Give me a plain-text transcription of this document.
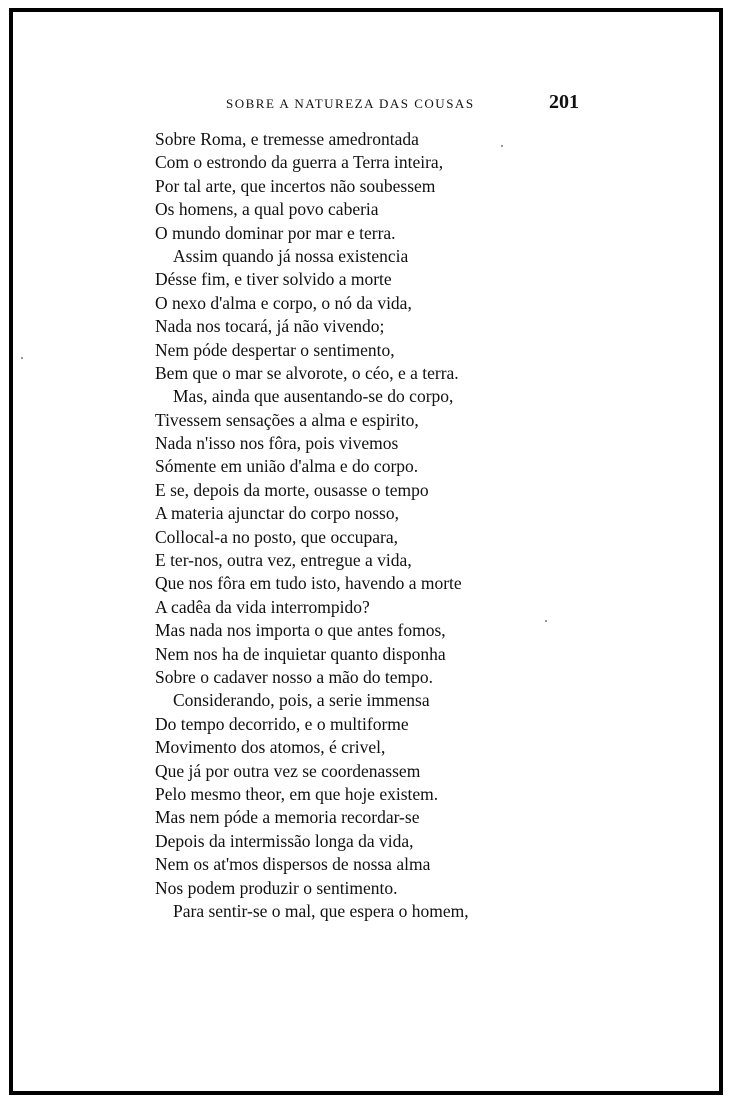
SOBRE A NATUREZA DAS COUSAS	201
Sobre Roma, e tremesse amedrontada
Com o estrondo da guerra a Terra inteira,
Por tal arte, que incertos não soubessem
Os homens, a qual povo caberia
O mundo dominar por mar e terra.
Assim quando já nossa existencia
Désse fim, e tiver solvido a morte
O nexo d'alma e corpo, o nó da vida,
Nada nos tocará, já não vivendo;
Nem póde despertar o sentimento,
Bem que o mar se alvorote, o céo, e a terra.
Mas, ainda que ausentando-se do corpo,
Tivessem sensações a alma e espirito,
Nada n'isso nos fôra, pois vivemos
Sómente em união d'alma e do corpo.
E se, depois da morte, ousasse o tempo
A materia ajunctar do corpo nosso,
Collocal-a no posto, que occupara,
E ter-nos, outra vez, entregue a vida,
Que nos fôra em tudo isto, havendo a morte
A cadêa da vida interrompido?
Mas nada nos importa o que antes fomos,
Nem nos ha de inquietar quanto disponha
Sobre o cadaver nosso a mão do tempo.
Considerando, pois, a serie immensa
Do tempo decorrido, e o multiforme
Movimento dos atomos, é crivel,
Que já por outra vez se coordenassem
Pelo mesmo theor, em que hoje existem.
Mas nem póde a memoria recordar-se
Depois da intermissão longa da vida,
Nem os at'mos dispersos de nossa alma
Nos podem produzir o sentimento.
Para sentir-se o mal, que espera o homem,
